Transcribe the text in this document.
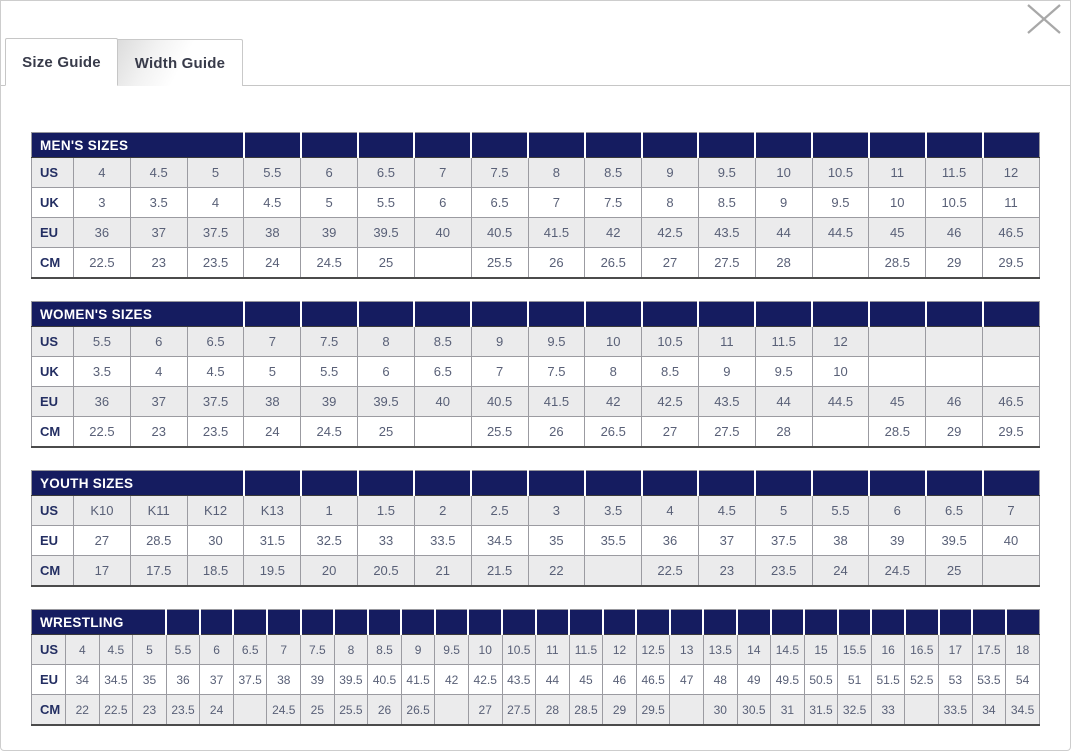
Size Guide Width Guide
MEN'S SIZES																	
US	4	4.5	5	5.5	6	6.5	7	7.5	8	8.5	9	9.5	10	10.5	11	11.5	12
UK	3	3.5	4	4.5	5	5.5	6	6.5	7	7.5	8	8.5	9	9.5	10	10.5	11
EU	36	37	37.5	38	39	39.5	40	40.5	41.5	42	42.5	43.5	44	44.5	45	46	46.5
CM	22.5	23	23.5	24	24.5	25		25.5	26	26.5	27	27.5	28		28.5	29	29.5
WOMEN'S SIZES																	
US	5.5	6	6.5	7	7.5	8	8.5	9	9.5	10	10.5	11	11.5	12			
UK	3.5	4	4.5	5	5.5	6	6.5	7	7.5	8	8.5	9	9.5	10			
EU	36	37	37.5	38	39	39.5	40	40.5	41.5	42	42.5	43.5	44	44.5	45	46	46.5
CM	22.5	23	23.5	24	24.5	25		25.5	26	26.5	27	27.5	28		28.5	29	29.5
YOUTH SIZES																	
US	K10	K11	K12	K13	1	1.5	2	2.5	3	3.5	4	4.5	5	5.5	6	6.5	7
EU	27	28.5	30	31.5	32.5	33	33.5	34.5	35	35.5	36	37	37.5	38	39	39.5	40
CM	17	17.5	18.5	19.5	20	20.5	21	21.5	22		22.5	23	23.5	24	24.5	25	
WRESTLING																													
US	4	4.5	5	5.5	6	6.5	7	7.5	8	8.5	9	9.5	10	10.5	11	11.5	12	12.5	13	13.5	14	14.5	15	15.5	16	16.5	17	17.5	18
EU	34	34.5	35	36	37	37.5	38	39	39.5	40.5	41.5	42	42.5	43.5	44	45	46	46.5	47	48	49	49.5	50.5	51	51.5	52.5	53	53.5	54
CM	22	22.5	23	23.5	24		24.5	25	25.5	26	26.5		27	27.5	28	28.5	29	29.5		30	30.5	31	31.5	32.5	33		33.5	34	34.5
